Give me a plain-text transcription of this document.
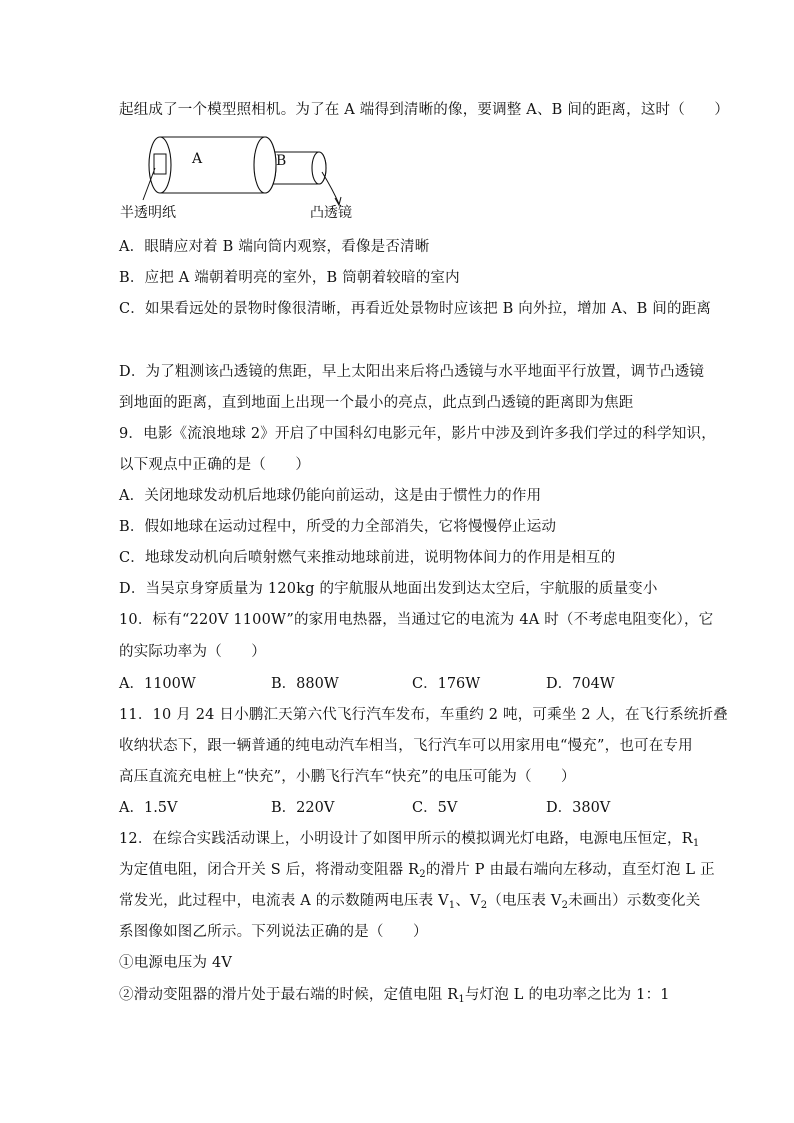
起组成了一个模型照相机。为了在 A 端得到清晰的像，要调整 A、B 间的距离，这时（　　）
A	B
半透明纸	凸透镜
A．眼睛应对着 B 端向筒内观察，看像是否清晰
B．应把 A 端朝着明亮的室外，B 筒朝着较暗的室内
C．如果看远处的景物时像很清晰，再看近处景物时应该把 B 向外拉，增加 A、B 间的距离
D．为了粗测该凸透镜的焦距，早上太阳出来后将凸透镜与水平地面平行放置，调节凸透镜
到地面的距离，直到地面上出现一个最小的亮点，此点到凸透镜的距离即为焦距
9．电影《流浪地球 2》开启了中国科幻电影元年，影片中涉及到许多我们学过的科学知识，
以下观点中正确的是（　　）
A．关闭地球发动机后地球仍能向前运动，这是由于惯性力的作用
B．假如地球在运动过程中，所受的力全部消失，它将慢慢停止运动
C．地球发动机向后喷射燃气来推动地球前进，说明物体间力的作用是相互的
D．当吴京身穿质量为 120kg 的宇航服从地面出发到达太空后，宇航服的质量变小
10．标有“220V 1100W”的家用电热器，当通过它的电流为 4A 时（不考虑电阻变化），它
的实际功率为（　　）
A．1100W	B．880W	C．176W	D．704W
11．10 月 24 日小鹏汇天第六代飞行汽车发布，车重约 2 吨，可乘坐 2 人，在飞行系统折叠
收纳状态下，跟一辆普通的纯电动汽车相当，飞行汽车可以用家用电“慢充”，也可在专用
高压直流充电桩上“快充”，小鹏飞行汽车“快充”的电压可能为（　　）
A．1.5V	B．220V	C．5V	D．380V
12．在综合实践活动课上，小明设计了如图甲所示的模拟调光灯电路，电源电压恒定，$R_1$
为定值电阻，闭合开关 S 后，将滑动变阻器 $R_2$的滑片 P 由最右端向左移动，直至灯泡 L 正
常发光，此过程中，电流表 A 的示数随两电压表 $V_1$、$V_2$（电压表 $V_2$未画出）示数变化关
系图像如图乙所示。下列说法正确的是（　　）
①电源电压为 4V
②滑动变阻器的滑片处于最右端的时候，定值电阻 $R_1$与灯泡 L 的电功率之比为 1：1
